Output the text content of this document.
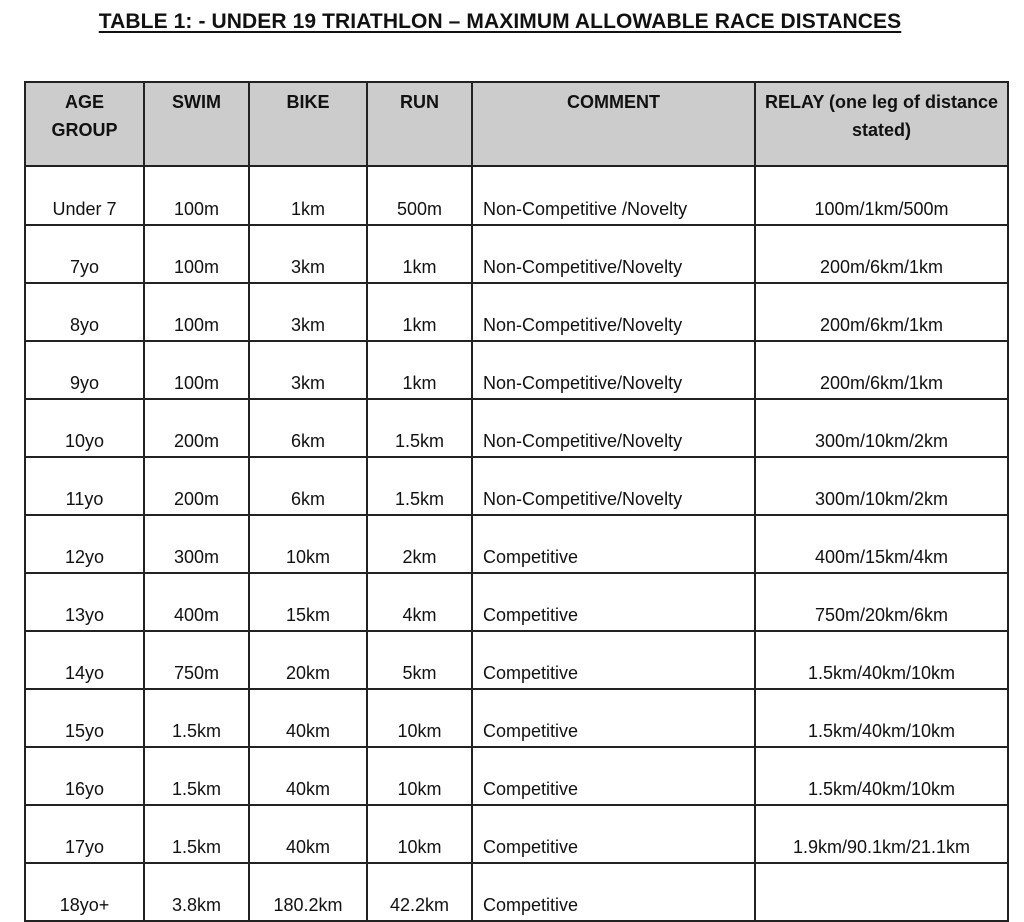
TABLE 1: - UNDER 19 TRIATHLON – MAXIMUM ALLOWABLE RACE DISTANCES
AGE GROUP	SWIM	BIKE	RUN	COMMENT	RELAY (one leg of distance stated)
Under 7	100m	1km	500m	Non-Competitive /Novelty	100m/1km/500m
7yo	100m	3km	1km	Non-Competitive/Novelty	200m/6km/1km
8yo	100m	3km	1km	Non-Competitive/Novelty	200m/6km/1km
9yo	100m	3km	1km	Non-Competitive/Novelty	200m/6km/1km
10yo	200m	6km	1.5km	Non-Competitive/Novelty	300m/10km/2km
11yo	200m	6km	1.5km	Non-Competitive/Novelty	300m/10km/2km
12yo	300m	10km	2km	Competitive	400m/15km/4km
13yo	400m	15km	4km	Competitive	750m/20km/6km
14yo	750m	20km	5km	Competitive	1.5km/40km/10km
15yo	1.5km	40km	10km	Competitive	1.5km/40km/10km
16yo	1.5km	40km	10km	Competitive	1.5km/40km/10km
17yo	1.5km	40km	10km	Competitive	1.9km/90.1km/21.1km
18yo+	3.8km	180.2km	42.2km	Competitive	
